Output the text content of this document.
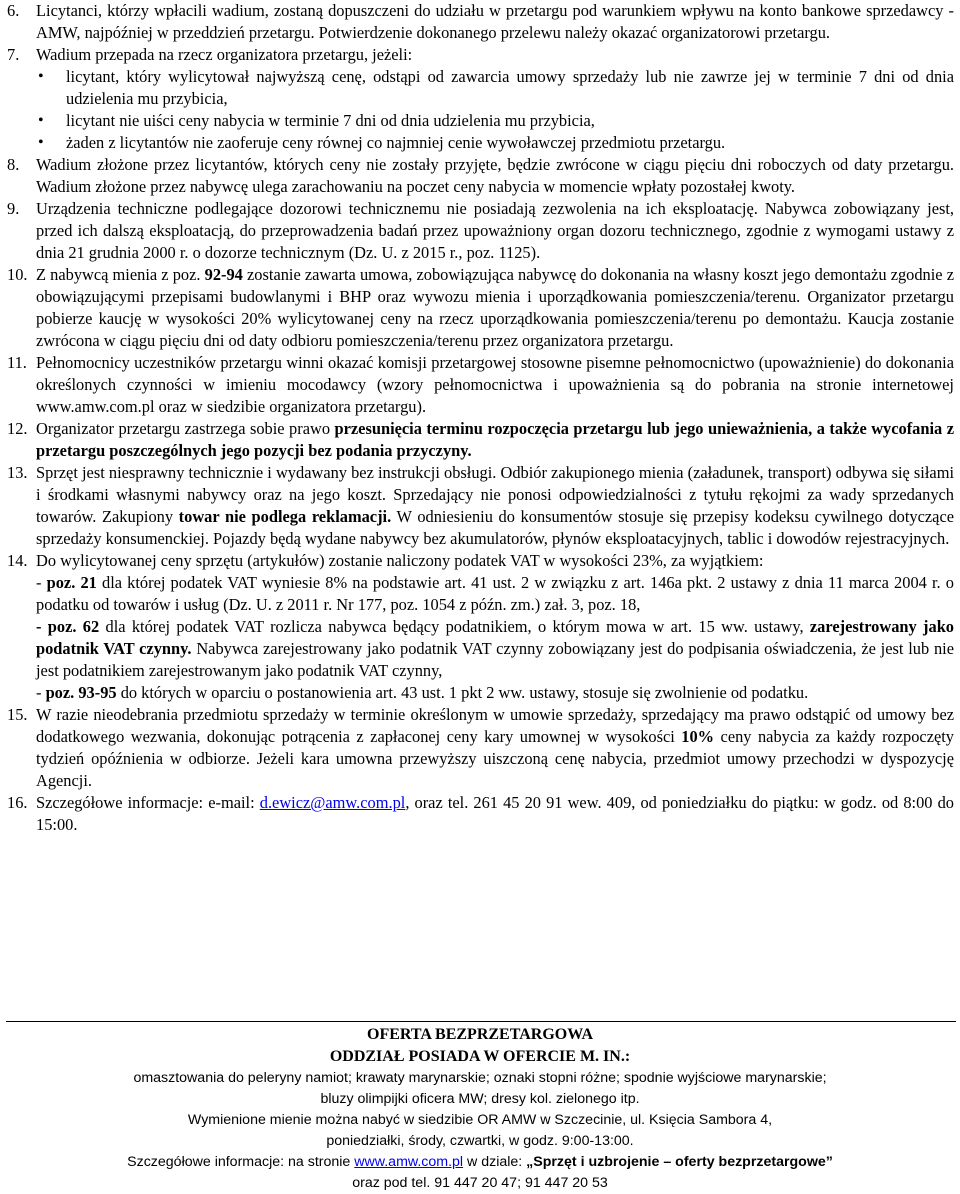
6. Licytanci, którzy wpłacili wadium, zostaną dopuszczeni do udziału w przetargu pod warunkiem wpływu na konto bankowe sprzedawcy - AMW, najpóźniej w przeddzień przetargu. Potwierdzenie dokonanego przelewu należy okazać organizatorowi przetargu.
7. Wadium przepada na rzecz organizatora przetargu, jeżeli:
• licytant, który wylicytował najwyższą cenę, odstąpi od zawarcia umowy sprzedaży lub nie zawrze jej w terminie 7 dni od dnia udzielenia mu przybicia,
• licytant nie uiści ceny nabycia w terminie 7 dni od dnia udzielenia mu przybicia,
• żaden z licytantów nie zaoferuje ceny równej co najmniej cenie wywoławczej przedmiotu przetargu.
8. Wadium złożone przez licytantów, których ceny nie zostały przyjęte, będzie zwrócone w ciągu pięciu dni roboczych od daty przetargu. Wadium złożone przez nabywcę ulega zarachowaniu na poczet ceny nabycia w momencie wpłaty pozostałej kwoty.
9. Urządzenia techniczne podlegające dozorowi technicznemu nie posiadają zezwolenia na ich eksploatację. Nabywca zobowiązany jest, przed ich dalszą eksploatacją, do przeprowadzenia badań przez upoważniony organ dozoru technicznego, zgodnie z wymogami ustawy z dnia 21 grudnia 2000 r. o dozorze technicznym (Dz. U. z 2015 r., poz. 1125).
10. Z nabywcą mienia z poz. 92-94 zostanie zawarta umowa, zobowiązująca nabywcę do dokonania na własny koszt jego demontażu zgodnie z obowiązującymi przepisami budowlanymi i BHP oraz wywozu mienia i uporządkowania pomieszczenia/terenu. Organizator przetargu pobierze kaucję w wysokości 20% wylicytowanej ceny na rzecz uporządkowania pomieszczenia/terenu po demontażu. Kaucja zostanie zwrócona w ciągu pięciu dni od daty odbioru pomieszczenia/terenu przez organizatora przetargu.
11. Pełnomocnicy uczestników przetargu winni okazać komisji przetargowej stosowne pisemne pełnomocnictwo (upoważnienie) do dokonania określonych czynności w imieniu mocodawcy (wzory pełnomocnictwa i upoważnienia są do pobrania na stronie internetowej www.amw.com.pl oraz w siedzibie organizatora przetargu).
12. Organizator przetargu zastrzega sobie prawo przesunięcia terminu rozpoczęcia przetargu lub jego unieważnienia, a także wycofania z przetargu poszczególnych jego pozycji bez podania przyczyny.
13. Sprzęt jest niesprawny technicznie i wydawany bez instrukcji obsługi. Odbiór zakupionego mienia (załadunek, transport) odbywa się siłami i środkami własnymi nabywcy oraz na jego koszt. Sprzedający nie ponosi odpowiedzialności z tytułu rękojmi za wady sprzedanych towarów. Zakupiony towar nie podlega reklamacji. W odniesieniu do konsumentów stosuje się przepisy kodeksu cywilnego dotyczące sprzedaży konsumenckiej. Pojazdy będą wydane nabywcy bez akumulatorów, płynów eksploatacyjnych, tablic i dowodów rejestracyjnych.
14. Do wylicytowanej ceny sprzętu (artykułów) zostanie naliczony podatek VAT w wysokości 23%, za wyjątkiem:
- poz. 21 dla której podatek VAT wyniesie 8% na podstawie art. 41 ust. 2 w związku z art. 146a pkt. 2 ustawy z dnia 11 marca 2004 r. o podatku od towarów i usług (Dz. U. z 2011 r. Nr 177, poz. 1054 z późn. zm.) zał. 3, poz. 18,
- poz. 62 dla której podatek VAT rozlicza nabywca będący podatnikiem, o którym mowa w art. 15 ww. ustawy, zarejestrowany jako podatnik VAT czynny. Nabywca zarejestrowany jako podatnik VAT czynny zobowiązany jest do podpisania oświadczenia, że jest lub nie jest podatnikiem zarejestrowanym jako podatnik VAT czynny,
- poz. 93-95 do których w oparciu o postanowienia art. 43 ust. 1 pkt 2 ww. ustawy, stosuje się zwolnienie od podatku.
15. W razie nieodebrania przedmiotu sprzedaży w terminie określonym w umowie sprzedaży, sprzedający ma prawo odstąpić od umowy bez dodatkowego wezwania, dokonując potrącenia z zapłaconej ceny kary umownej w wysokości 10% ceny nabycia za każdy rozpoczęty tydzień opóźnienia w odbiorze. Jeżeli kara umowna przewyższy uiszczoną cenę nabycia, przedmiot umowy przechodzi w dyspozycję Agencji.
16. Szczegółowe informacje: e-mail: d.ewicz@amw.com.pl, oraz tel. 261 45 20 91 wew. 409, od poniedziałku do piątku: w godz. od 8:00 do 15:00.
OFERTA BEZPRZETARGOWA
ODDZIAŁ POSIADA W OFERCIE M. IN.:
omasztowania do peleryny namiot; krawaty marynarskie; oznaki stopni różne; spodnie wyjściowe marynarskie;
bluzy olimpijki oficera MW; dresy kol. zielonego itp.
Wymienione mienie można nabyć w siedzibie OR AMW w Szczecinie, ul. Księcia Sambora 4,
poniedziałki, środy, czwartki, w godz. 9:00-13:00.
Szczegółowe informacje: na stronie www.amw.com.pl w dziale: „Sprzęt i uzbrojenie – oferty bezprzetargowe”
oraz pod tel. 91 447 20 47; 91 447 20 53
